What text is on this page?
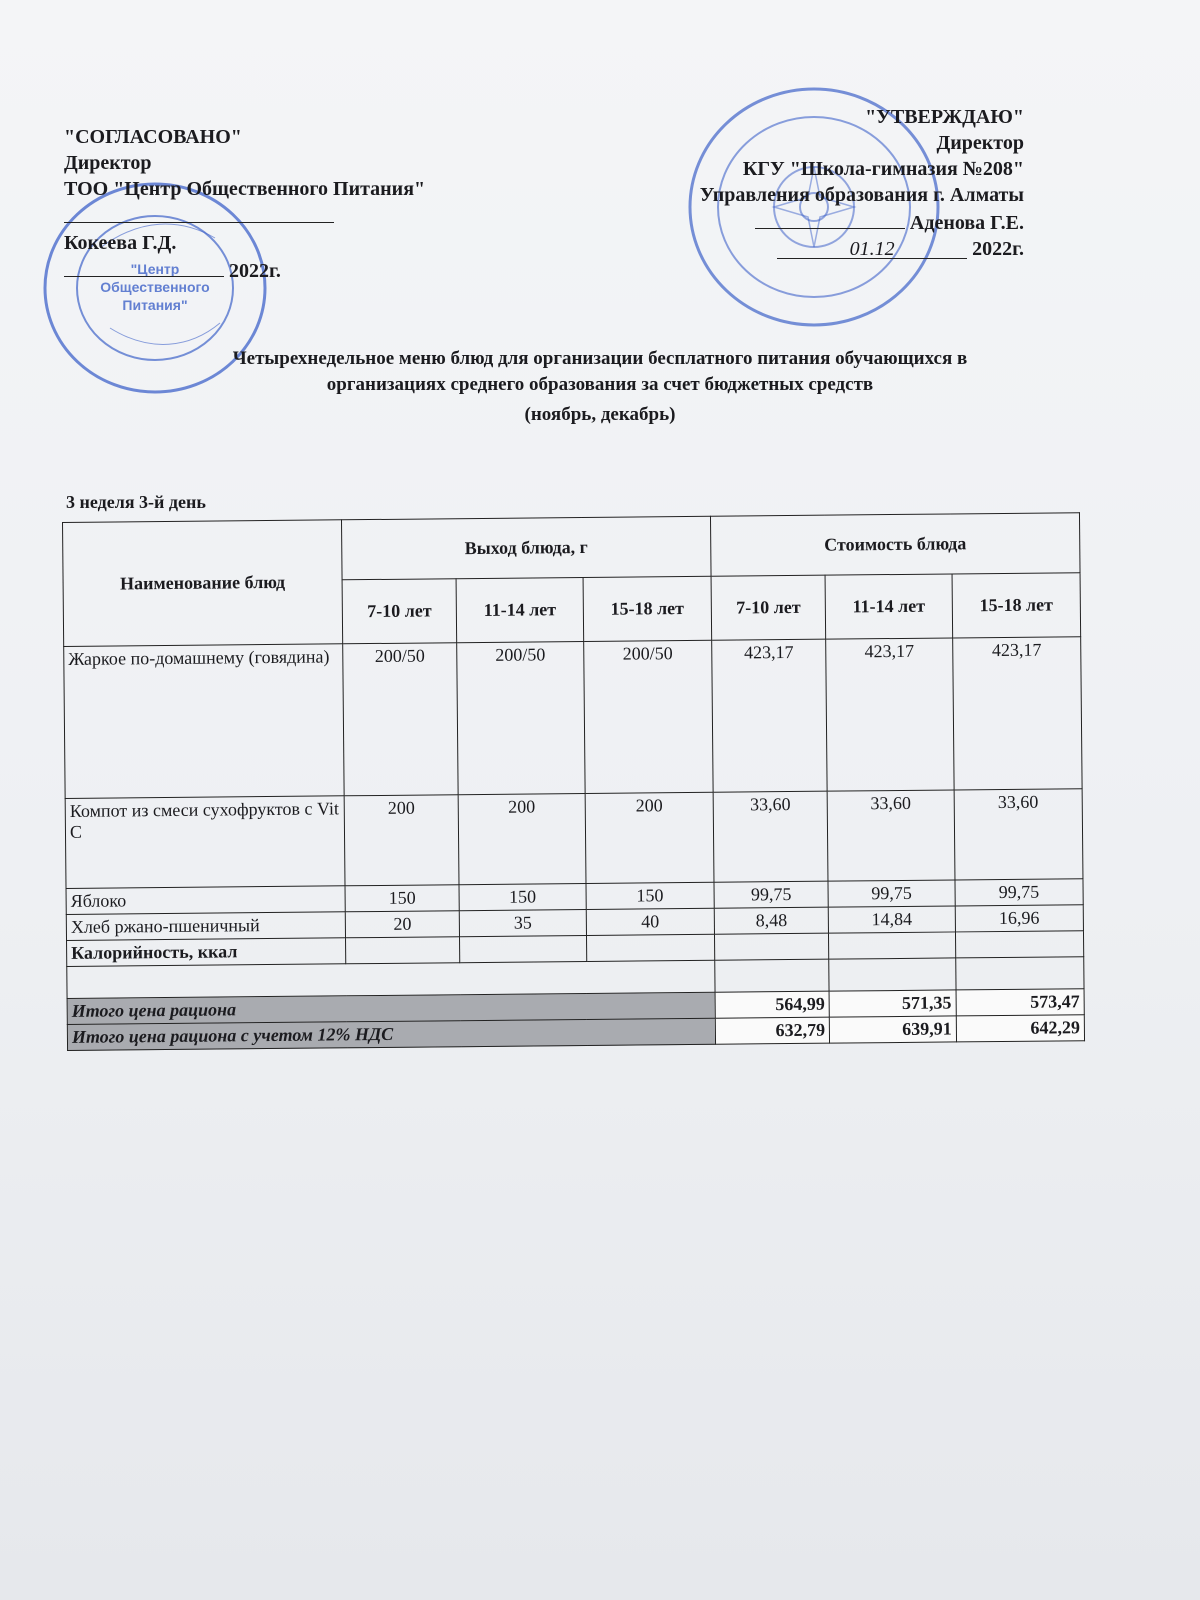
"Центр
Общественного
Питания"
"СОГЛАСОВАНО"
Директор
ТОО "Центр Общественного Питания"
Кокеева Г.Д.
2022г.
"УТВЕРЖДАЮ"
Директор
КГУ "Школа-гимназия №208"
Управления образования г. Алматы
Аденова Г.Е.
01.12	2022г.
Четырехнедельное меню блюд для организации бесплатного питания обучающихся в
организациях среднего образования за счет бюджетных средств
(ноябрь, декабрь)
3 неделя 3-й день
Наименование блюд	Выход блюда, г			Стоимость блюда		
	7-10 лет	11-14 лет	15-18 лет	7-10 лет	11-14 лет	15-18 лет
Жаркое по-домашнему (говядина)	200/50	200/50	200/50	423,17	423,17	423,17
Компот из смеси сухофруктов с Vit C	200	200	200	33,60	33,60	33,60
Яблоко	150	150	150	99,75	99,75	99,75
Хлеб ржано-пшеничный	20	35	40	8,48	14,84	16,96
Калорийность, ккал						

Итого цена рациона				564,99	571,35	573,47
Итого цена рациона с учетом 12% НДС				632,79	639,91	642,29
